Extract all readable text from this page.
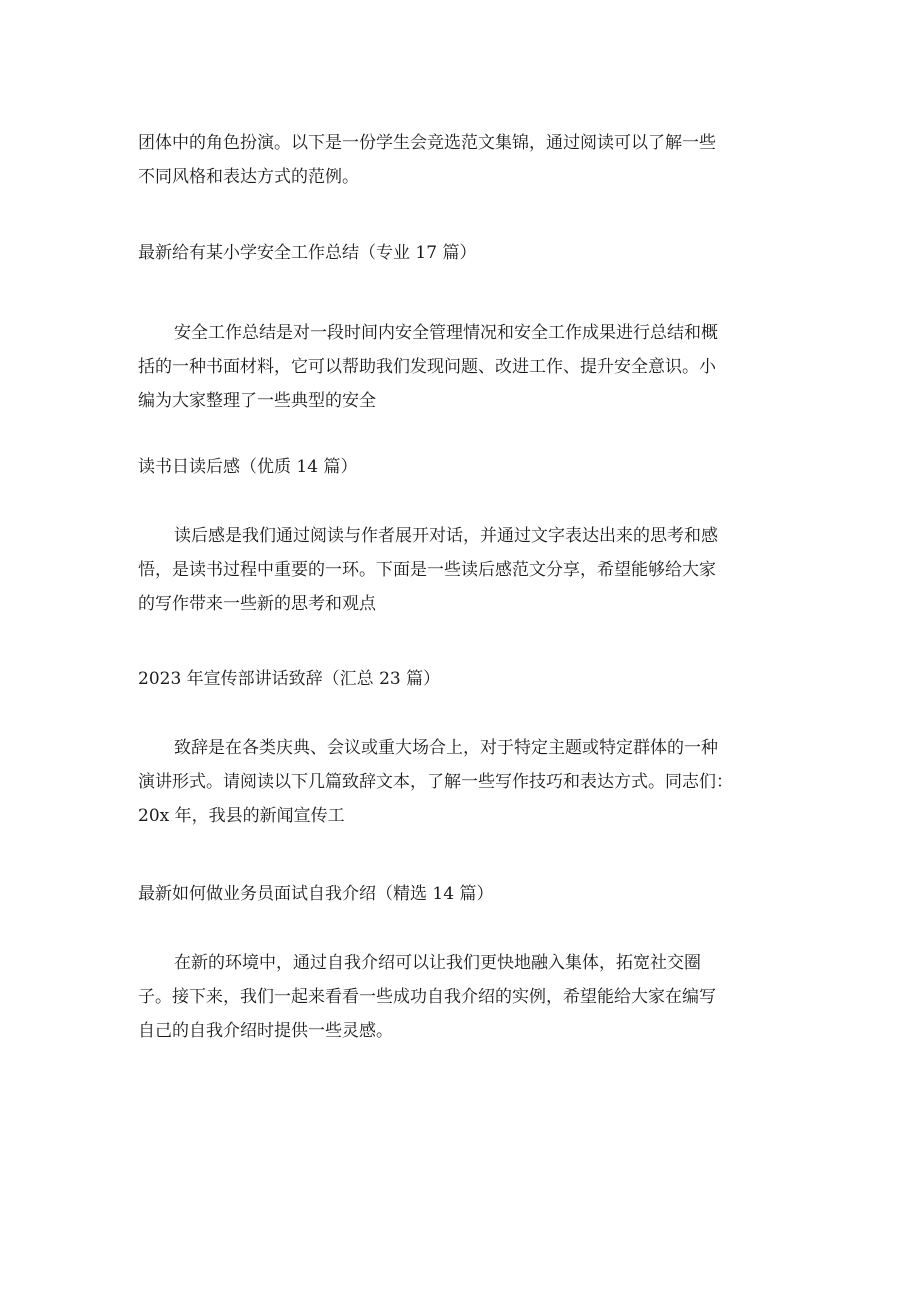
团体中的角色扮演。以下是一份学生会竞选范文集锦，通过阅读可以了解一些
不同风格和表达方式的范例。
最新给有某小学安全工作总结（专业 17 篇）
安全工作总结是对一段时间内安全管理情况和安全工作成果进行总结和概
括的一种书面材料，它可以帮助我们发现问题、改进工作、提升安全意识。小
编为大家整理了一些典型的安全
读书日读后感（优质 14 篇）
读后感是我们通过阅读与作者展开对话，并通过文字表达出来的思考和感
悟，是读书过程中重要的一环。下面是一些读后感范文分享，希望能够给大家
的写作带来一些新的思考和观点
2023 年宣传部讲话致辞（汇总 23 篇）
致辞是在各类庆典、会议或重大场合上，对于特定主题或特定群体的一种
演讲形式。请阅读以下几篇致辞文本，了解一些写作技巧和表达方式。同志们：
20x 年，我县的新闻宣传工
最新如何做业务员面试自我介绍（精选 14 篇）
在新的环境中，通过自我介绍可以让我们更快地融入集体，拓宽社交圈
子。接下来，我们一起来看看一些成功自我介绍的实例，希望能给大家在编写
自己的自我介绍时提供一些灵感。
